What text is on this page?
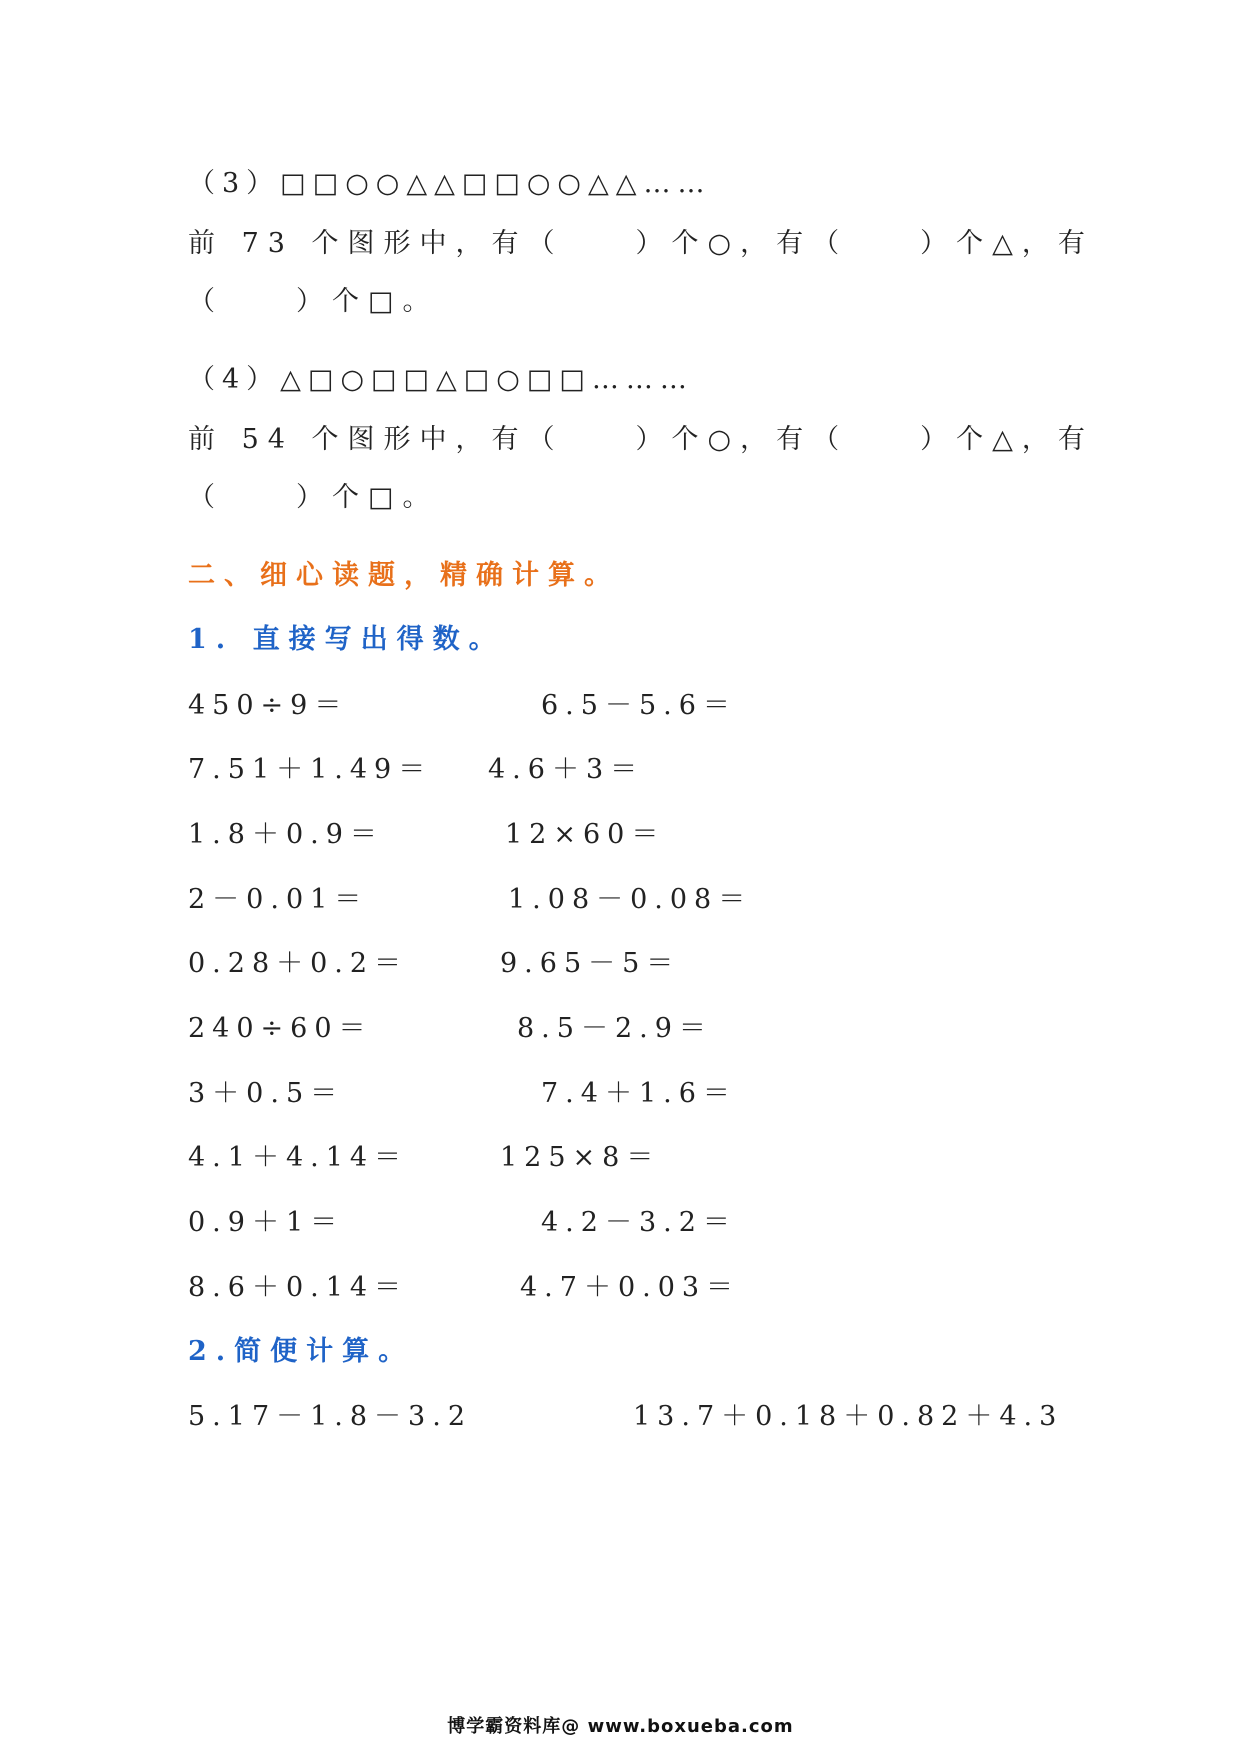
（3）□□○○△△□□○○△△……
前 73 个图形中，有（　　）个○，有（　　）个△，有
（　　）个□。
（4）△□○□□△□○□□………
前 54 个图形中，有（　　）个○，有（　　）个△，有
（　　）个□。
二、细心读题，精确计算。
1. 直接写出得数。
450÷9＝	6.5－5.6＝
7.51＋1.49＝ 4.6＋3＝
1.8＋0.9＝	12×60＝
2－0.01＝	1.08－0.08＝
0.28＋0.2＝	9.65－5＝
240÷60＝	8.5－2.9＝
3＋0.5＝	7.4＋1.6＝
4.1＋4.14＝	125×8＝
0.9＋1＝	4.2－3.2＝
8.6＋0.14＝	4.7＋0.03＝
2.简便计算。
5.17－1.8－3.2	13.7＋0.18＋0.82＋4.3
博学霸资料库@ www.boxueba.com
